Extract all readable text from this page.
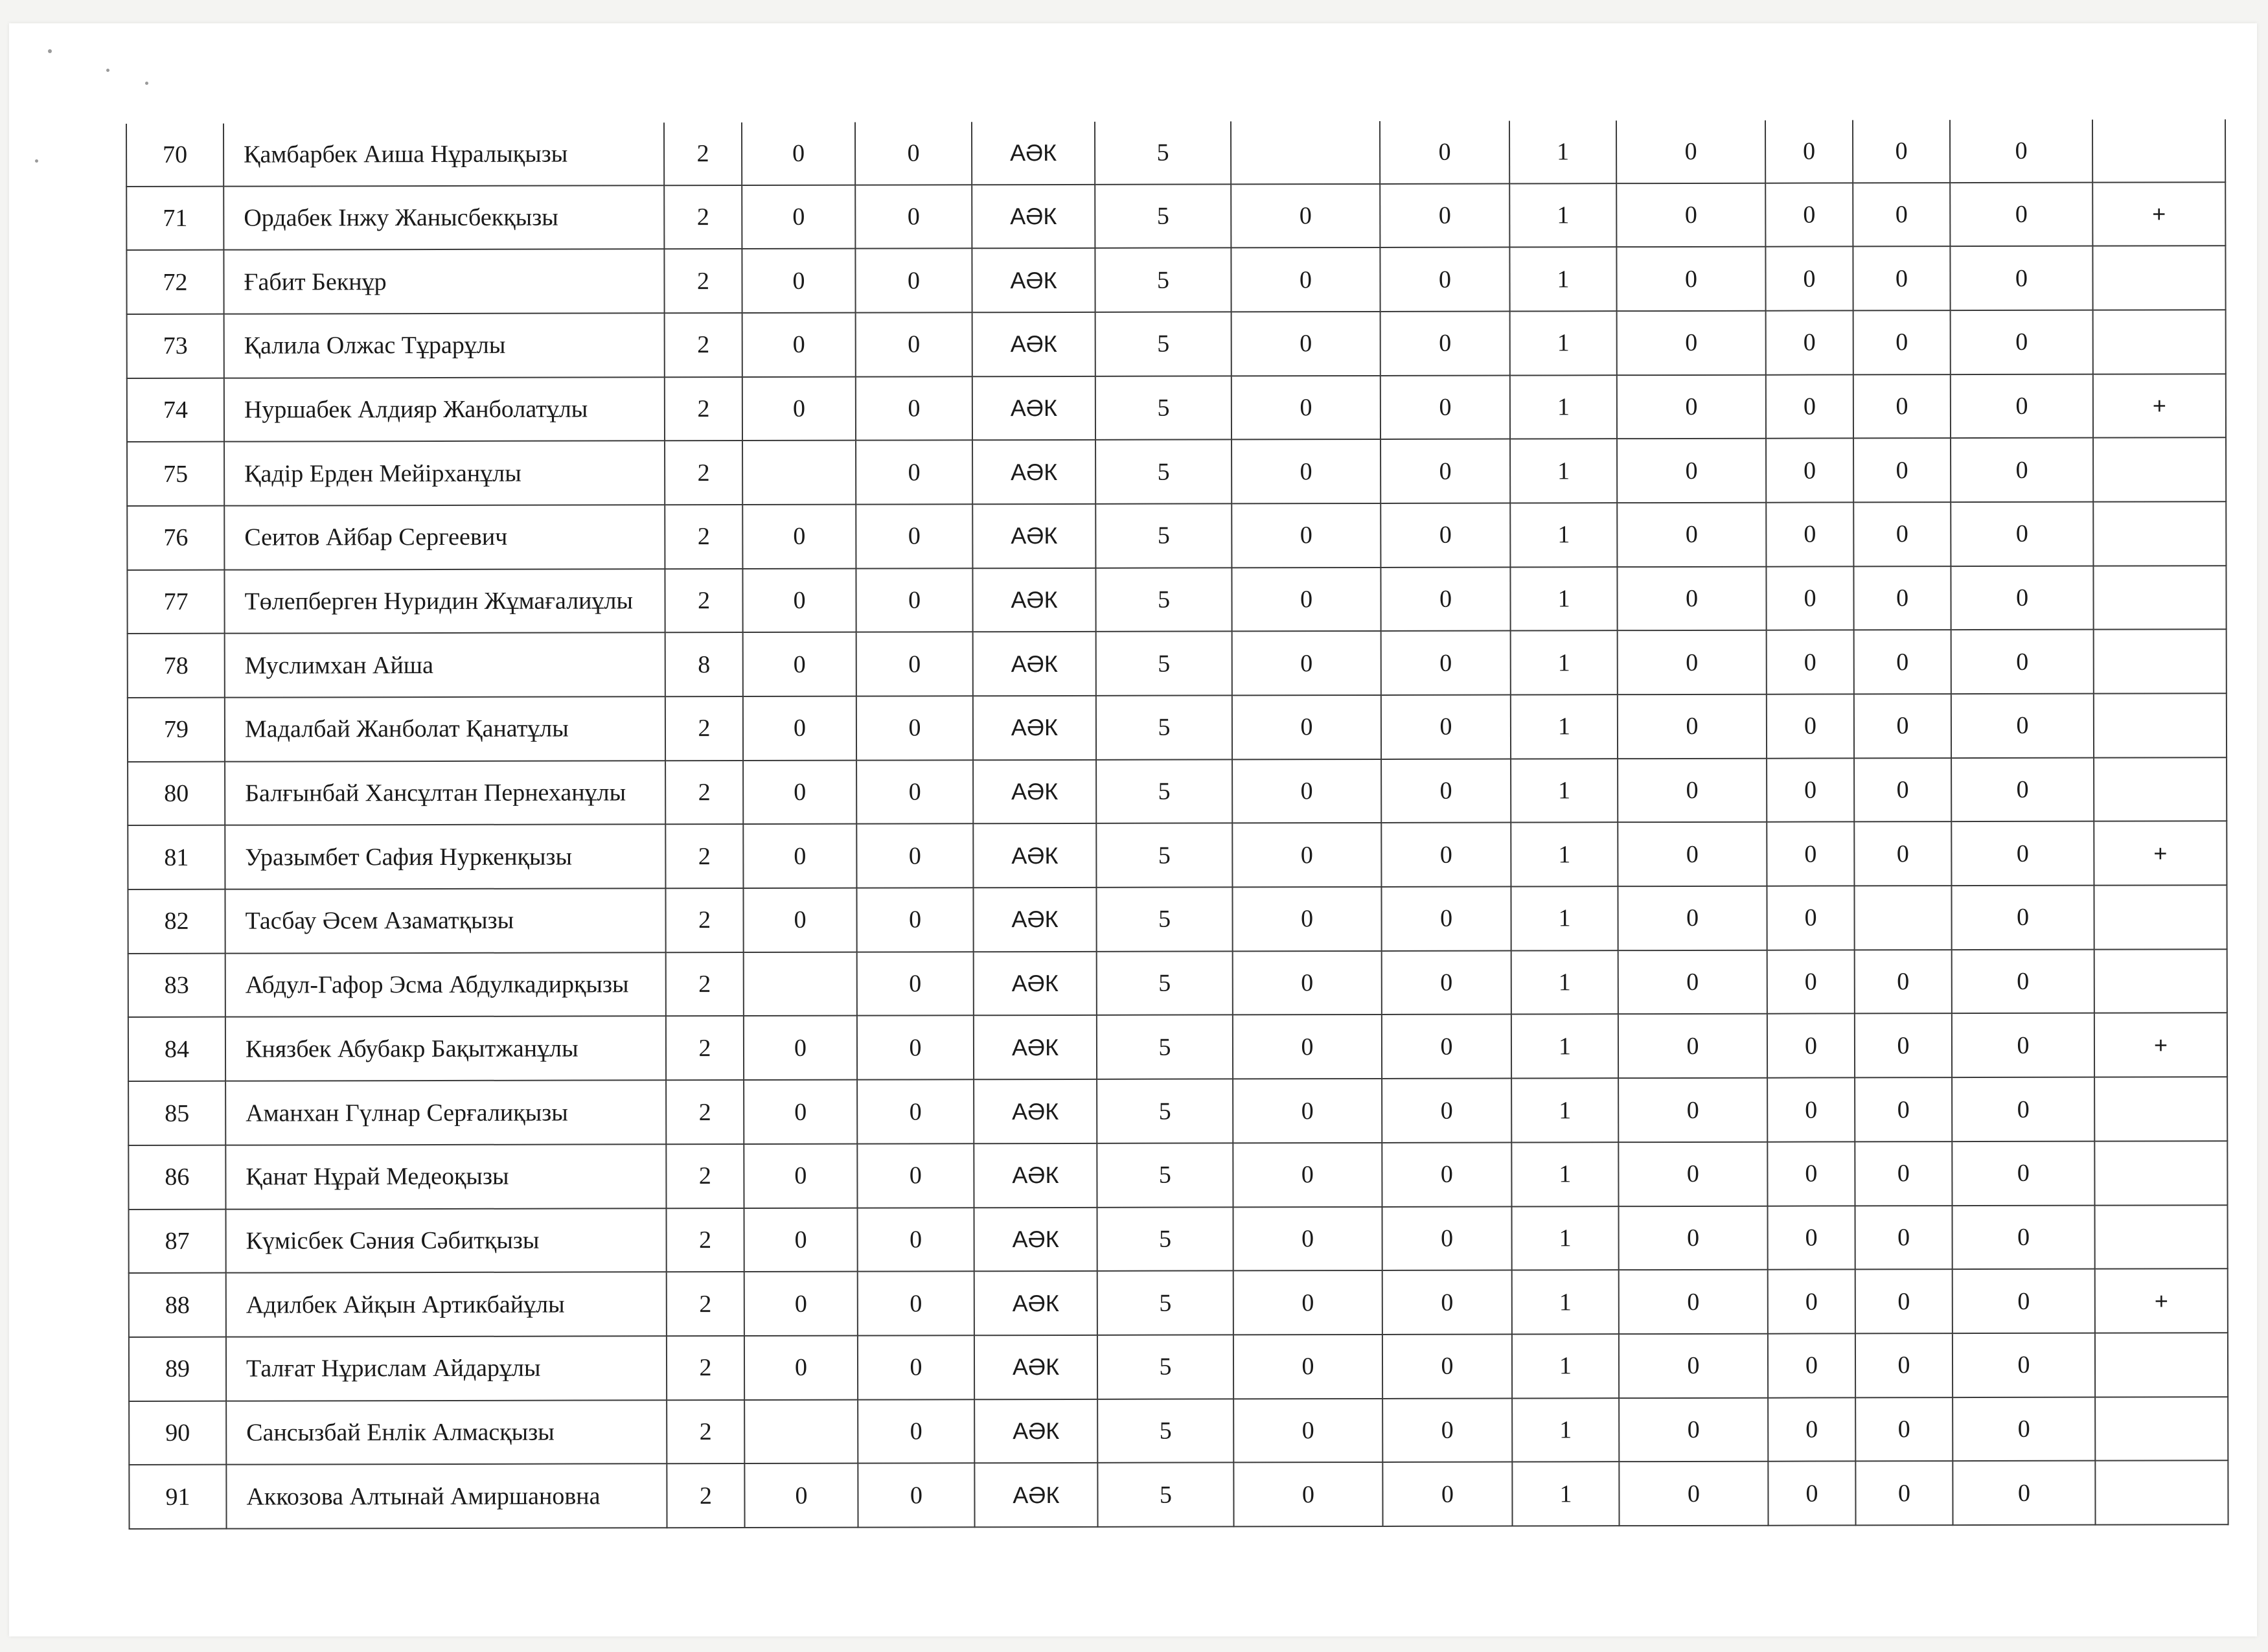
70	Қамбарбек Аиша Нұралықызы	2	0	0	АӘК	5		0	1	0	0	0	0	
71	Ордабек Інжу Жанысбекқызы	2	0	0	АӘК	5	0	0	1	0	0	0	0	+
72	Ғабит Бекнұр	2	0	0	АӘК	5	0	0	1	0	0	0	0	
73	Қалила Олжас Тұрарұлы	2	0	0	АӘК	5	0	0	1	0	0	0	0	
74	Нуршабек Алдияр Жанболатұлы	2	0	0	АӘК	5	0	0	1	0	0	0	0	+
75	Қадір Ерден Мейірханұлы	2		0	АӘК	5	0	0	1	0	0	0	0	
76	Сеитов Айбар Сергеевич	2	0	0	АӘК	5	0	0	1	0	0	0	0	
77	Төлепберген Нуридин Жұмағалиұлы	2	0	0	АӘК	5	0	0	1	0	0	0	0	
78	Муслимхан Айша	8	0	0	АӘК	5	0	0	1	0	0	0	0	
79	Мадалбай Жанболат Қанатұлы	2	0	0	АӘК	5	0	0	1	0	0	0	0	
80	Балғынбай Хансұлтан Пернеханұлы	2	0	0	АӘК	5	0	0	1	0	0	0	0	
81	Уразымбет Сафия Нуркенқызы	2	0	0	АӘК	5	0	0	1	0	0	0	0	+
82	Тасбау Әсем Азаматқызы	2	0	0	АӘК	5	0	0	1	0	0		0	
83	Абдул-Гафор Эсма Абдулкадирқызы	2		0	АӘК	5	0	0	1	0	0	0	0	
84	Князбек Абубакр Бақытжанұлы	2	0	0	АӘК	5	0	0	1	0	0	0	0	+
85	Аманхан Гүлнар Серғалиқызы	2	0	0	АӘК	5	0	0	1	0	0	0	0	
86	Қанат Нұрай Медеоқызы	2	0	0	АӘК	5	0	0	1	0	0	0	0	
87	Күмісбек Сәния Сәбитқызы	2	0	0	АӘК	5	0	0	1	0	0	0	0	
88	Адилбек Айқын Артикбайұлы	2	0	0	АӘК	5	0	0	1	0	0	0	0	+
89	Талғат Нұрислам Айдарұлы	2	0	0	АӘК	5	0	0	1	0	0	0	0	
90	Сансызбай Енлік Алмасқызы	2		0	АӘК	5	0	0	1	0	0	0	0	
91	Аккозова Алтынай Амиршановна	2	0	0	АӘК	5	0	0	1	0	0	0	0	
